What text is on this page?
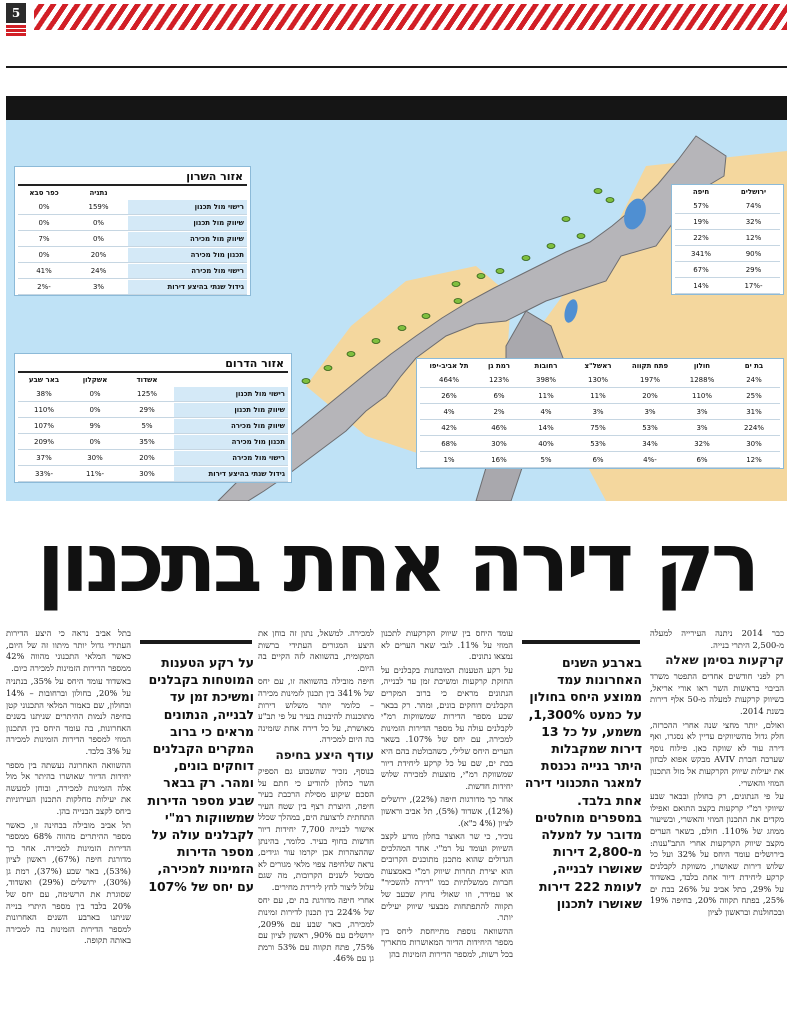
5
אזור השרון
נתניה
כפר סבא
רישוי מול תכנון
159%
0%
שיווק מול תכנון
0%
0%
שיווק מול מכירה
0%
7%
תכנון מול מכירה
20%
0%
רישוי מול מכירה
24%
41%
גידול שנתי בהיצע דירות
3%
-2%
ירושלים
חיפה
74%
57%
32%
19%
12%
22%
90%
341%
29%
67%
-17%
14%
בת ים
חולון
פתח תקווה
ראשל"צ
רחובות
רמת גן
תל אביב-יפו
24%
1288%
197%
130%
398%
123%
464%
25%
110%
20%
11%
11%
6%
26%
31%
3%
3%
3%
4%
2%
4%
224%
3%
53%
75%
14%
46%
42%
30%
32%
34%
53%
40%
30%
68%
12%
6%
-4%
6%
5%
16%
1%
אזור הדרום
אשדוד
אשקלון
באר שבע
רישוי מול תכנון
125%
0%
38%
שיווק מול תכנון
29%
0%
110%
שיווק מול מכירה
5%
9%
107%
תכנון מול מכירה
35%
0%
209%
רישוי מול מכירה
20%
30%
37%
גידול שנתי בהיצע דירות
30%
-11%
-33%
רק דירה אחת בתכנון

כבר 2014 ניתנה העירייה למעלה מ-2,500 היתרי בנייה.

קרקעות בסימן שאלה

רק לפני חודשים אחדים התפטר משרד הביבוי בראשות השר ראו אורי אריאל, בשיווק קרקעות למעלה מ-50 אלף דירות בשנת 2014.

ואולם, יותר מחצי שנה אחרי ההכרזה, חלק גדול מהשיווקים עדיין לא נסגרו, ואף דירה עוד לא שווקה כאן. פילוח נוסף שערכה חברת AVIV מבקש אפוא לבחון את יעילות שיווק הקרקעות אל מול התכנון המוזי והאשרי.

על פי הנתונים, רק בחולון ובבאר שבע שיווקי רמ"י קרקעות בקצב התואם ואפילו מקדים את התכנון המוזי והאשרי, ובשיעור ממוזג של 110%. חולם, בשאר הערים מקצב שיווק הקרקעות אחרי התב"ענות: בירושלים עומד היחס על 32% ועל כל שלוש דירות שאושרו, משווקת לקבלנים קרקע ליחידת דיור אחת בלבד, באשדוד על 29%, בתל אביב על 26% בבת ים 25%, בפתח תקווה 20%, בחיפה 19% ובכחולנות ובראשון לציון

בארבע השנים האחרונות עמד ממוצע היחס בחולון על כמעט 1,300%, משמע, על כל 13 דירות שמקבלות היתר בנייה נכנסת למאגר התכנוני דירה אחת בלבד. במספרים מוחלטים מדובר על למעלה מ-2,800 דירות שאושרו לבנייה, לעומת 222 דירות שאושרו לתכנון

עומד היחס בין שיווק הקרקעות לתכנון המוזי על 11%. לגבי שאר הערים לא נמצאו נתונים.

על רקע הטענות המובחנות בקבלנים על החזקת קרקעות ומשיכת זמן עד לבנייה, הנתונים מראים כי ברוב המקרים הקבלנים דוחקים בונים, ומהר. רק בבאר שבע מספר הדירות שמשווקות רמ"י לקבלנים עולה על מספר הדירות הזמינות למכירה, עם יחס של 107%. בשאר הערים היחס שלילי, כשהבולטת בהם היא בבת ים, שם על כל קרקע ליחידת דיור שמשווקת רמ"י, מוצעות למכירה שלוש יחידות חדשות.

אחר כך מדורגות חיפה (22%), ירושלים (12%), אשדוד (5%), תל אביב וראשון לציון (4% כ"א).

נוכיר, כי שר האוצר בחלון מורע לקצב השיווק ועומד על רמ"י. אחד המהלכים הגדולים שהוא מתכנן מתוכנים הקרובים הוא יצירת תחרות שיווק רמ"י באמצעות חברות ממשלתיות כמו "דירה להשכיר" או עמידר, וזו שאולי נחוץ שבעב של תקווה להתפתחות מבצעי שיווק יעילים יותר.

ההשוואה נוספת מתייחסת ליחס בין מספר היחידות הדיור המאושרות מתאריך בכל רשות, למספר הדירות הזמינות בהן

למכירה. למשאל, נתון זה בוחן את היצע המגורים העתידי ברשות המקומית, בהשוואה לזה הקיים בה היום.

חיפה מובילה בהשוואה זו, עם יחס של 341% בין תכנון לזמינות מכירה – כלומר יותר משלוש דירות מתוכננות להיבנות בעיר על פי תב"ע מאושרת, על כל דירה אחת שזמינה בה היום למכירה.

עודף היצע בחיפה

בנוסף, נזכיר שהשבוע גם הספיק השר כחלון להודיע כי חתם על הסכם שיקוע מסילת הרכבת בעיר חיפה, היוצרת רצף בין שטח העיר התחתית לרצועת הים, במהלך שכלל אישור לבנייה 7,700 יחידות דיור חדשות בחוף בעיר. כלומר, בהינתן שההצהרות אכן יקרמו עור וגידים, נראה שלחיפה צפוי מלאי מגורים לא מבוטל לשנים הקרובות, מה שגם עלול ליצור לחץ לירידת מחירים.

אחרי חיפה מדורגת בת ים, עם יחס של 224% בין תכנון לדירות זמינות למכירה, באר שבע עם 209%, ירושלים עם 90%, ראשון לציון עם 75%, פתח תקווה עם 53% ורמת גן עם 46%.

על רקע הטענות המוטחות בקבלנים ומשיכת זמן עד לבנייה, הנתונים מראים כי ברוב המקרים הקבלנים דוחקים בונים, ומהר. רק בבאר שבע מספר הדירות שמשווקות רמ"י לקבלנים עולה על מספר הדירות הזמינות למכירה, עם יחס של 107%

בתל אביב נראה כי היצע הדירות העתידי גדול יותר מיתוו זה של היום, כאשר המלאי התכנוני מהווה 42% ממספר הדירות הזמינות למכירה כיום.

באשדוד עומד היחס על 35%, בנתניה על 20%, בחולון וברחובות – 14% ובחולון, שם כאמור המלאי התכנוני קטן בחיפה לנמות ההיתרים שניתנו בשנים האחרונות, בה עומד היחס בין התכנון המוזי למספר הדירות הזמינות למכירה על 3% בלבד.

ההשוואה האחרונה נעשתה בין מספר יחידות הדיור שאושרו בהיתר אל מול אלה הזמינות למכירה, ובוחן למעשה את יעילות מחלקות התכנון העירוניות ביחס לקצב הבנייה בהן.

תל אביב מובילה בבחינה זו, כאשר מספר ההיתרים מהווה 68% ממספר הדירות הזמינות למכירה. אחר כך מדורגת חיפה (67%), ראשון לציון (53%), באר שבע (37%), רמת גן (30%), ירושלים (29%) ואשדוד, שסוגרת את הרשימה, עם יחס של 20% בלבד בין מספר היתרי בנייה שניתנו בארבע השנים האחרונות למספר הדירות הזמינות בה למכירה באותה תקופה.
